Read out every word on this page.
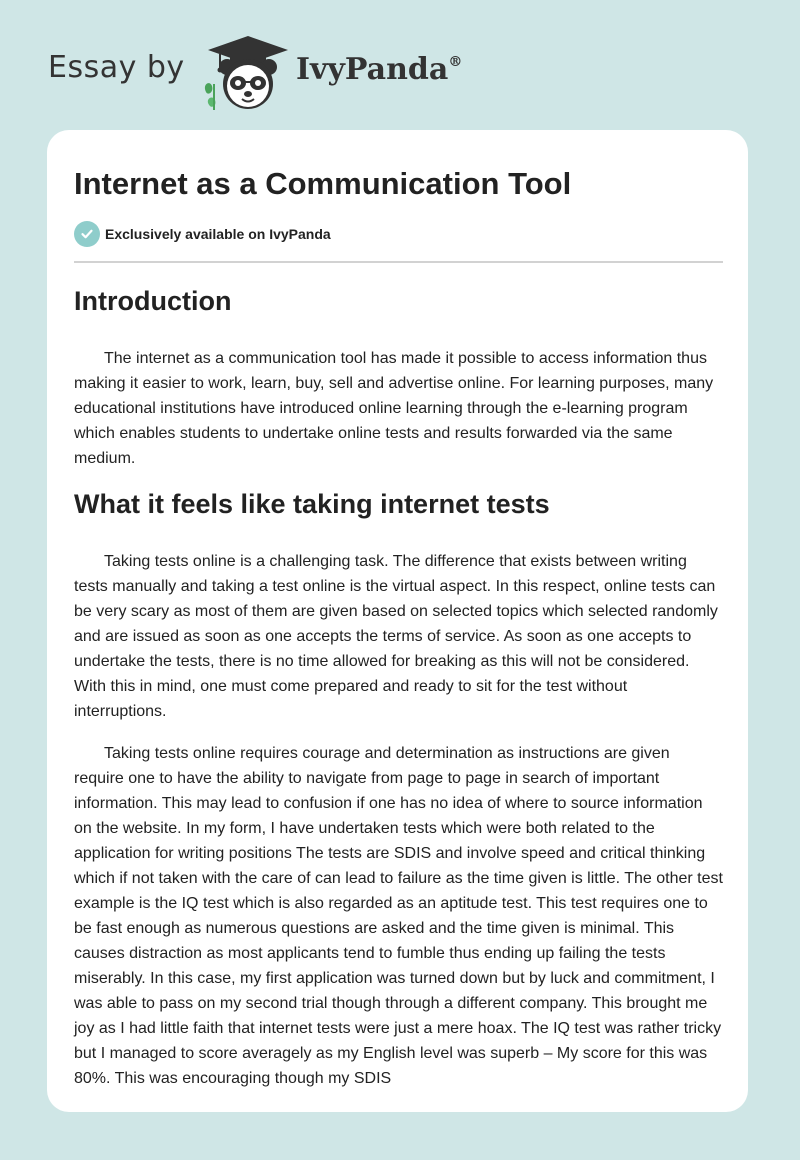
Essay by	IvyPanda®
Internet as a Communication Tool
Exclusively available on IvyPanda
Introduction

The internet as a communication tool has made it possible to access information thus making it easier to work, learn, buy, sell and advertise online. For learning purposes, many educational institutions have introduced online learning through the e-learning program which enables students to undertake online tests and results forwarded via the same medium.

What it feels like taking internet tests

Taking tests online is a challenging task. The difference that exists between writing tests manually and taking a test online is the virtual aspect. In this respect, online tests can be very scary as most of them are given based on selected topics which selected randomly and are issued as soon as one accepts the terms of service. As soon as one accepts to undertake the tests, there is no time allowed for breaking as this will not be considered. With this in mind, one must come prepared and ready to sit for the test without interruptions.

Taking tests online requires courage and determination as instructions are given require one to have the ability to navigate from page to page in search of important information. This may lead to confusion if one has no idea of where to source information on the website. In my form, I have undertaken tests which were both related to the application for writing positions The tests are SDIS and involve speed and critical thinking which if not taken with the care of can lead to failure as the time given is little. The other test example is the IQ test which is also regarded as an aptitude test. This test requires one to be fast enough as numerous questions are asked and the time given is minimal. This causes distraction as most applicants tend to fumble thus ending up failing the tests miserably. In this case, my first application was turned down but by luck and commitment, I was able to pass on my second trial though through a different company. This brought me joy as I had little faith that internet tests were just a mere hoax. The IQ test was rather tricky but I managed to score averagely as my English level was superb – My score for this was 80%. This was encouraging though my SDIS
